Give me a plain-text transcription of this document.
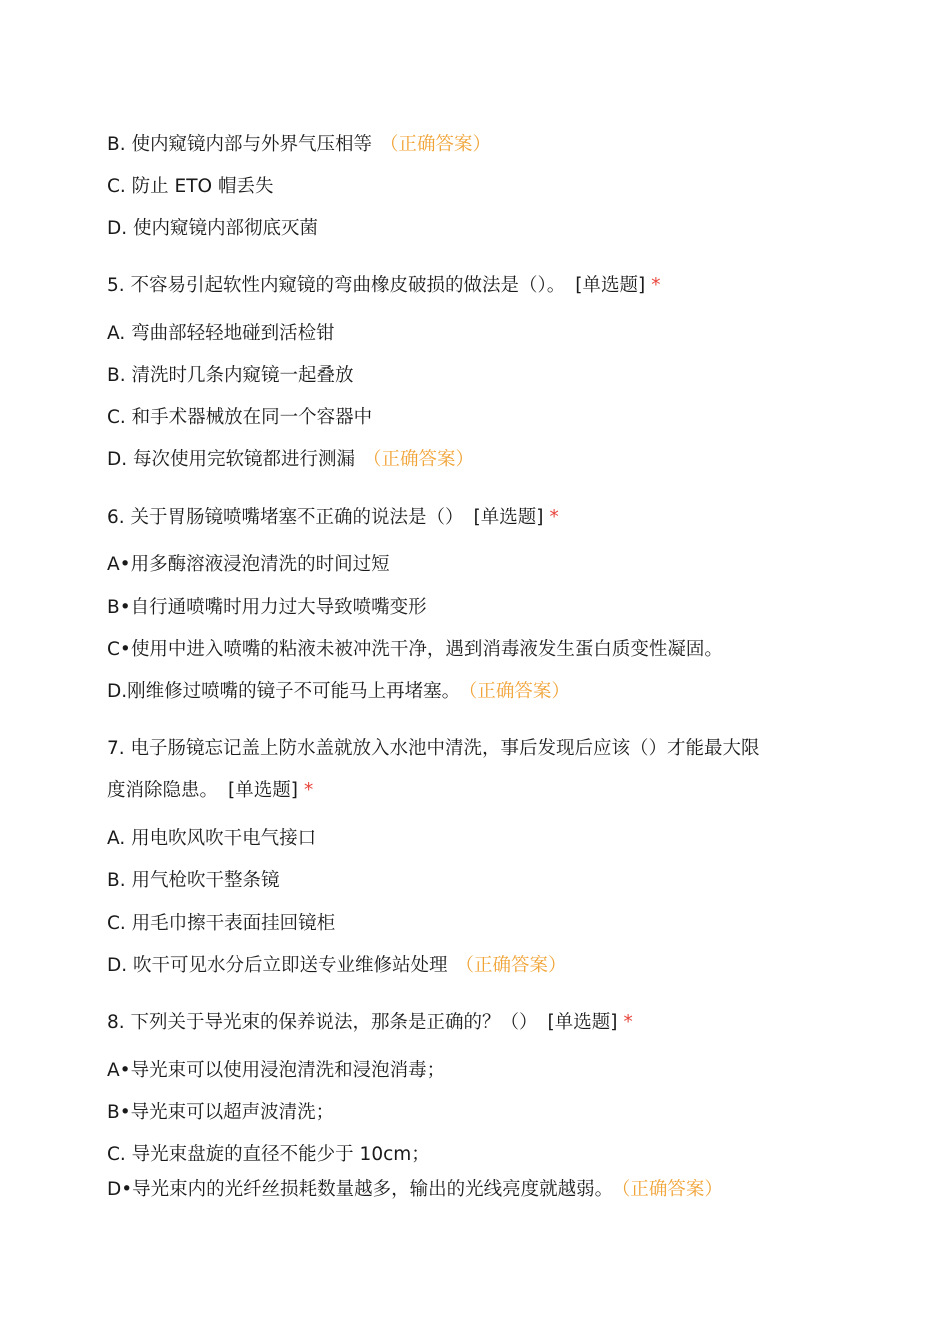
B. 使内窥镜内部与外界气压相等 （正确答案）
C. 防止 ETO 帽丢失
D. 使内窥镜内部彻底灭菌
5. 不容易引起软性内窥镜的弯曲橡皮破损的做法是（）。 [单选题] *
A. 弯曲部轻轻地碰到活检钳
B. 清洗时几条内窥镜一起叠放
C. 和手术器械放在同一个容器中
D. 每次使用完软镜都进行测漏 （正确答案）
6. 关于胃肠镜喷嘴堵塞不正确的说法是（） [单选题] *
A•用多酶溶液浸泡清洗的时间过短
B•自行通喷嘴时用力过大导致喷嘴变形
C•使用中进入喷嘴的粘液未被冲洗干净，遇到消毒液发生蛋白质变性凝固。
D.刚维修过喷嘴的镜子不可能马上再堵塞。 （正确答案）
7. 电子肠镜忘记盖上防水盖就放入水池中清洗，事后发现后应该（）才能最大限
度消除隐患。 [单选题] *
A. 用电吹风吹干电气接口
B. 用气枪吹干整条镜
C. 用毛巾擦干表面挂回镜柜
D. 吹干可见水分后立即送专业维修站处理 （正确答案）
8. 下列关于导光束的保养说法，那条是正确的？（） [单选题] *
A•导光束可以使用浸泡清洗和浸泡消毒；
B•导光束可以超声波清洗；
C. 导光束盘旋的直径不能少于 10cm；
D•导光束内的光纤丝损耗数量越多，输出的光线亮度就越弱。 （正确答案）
